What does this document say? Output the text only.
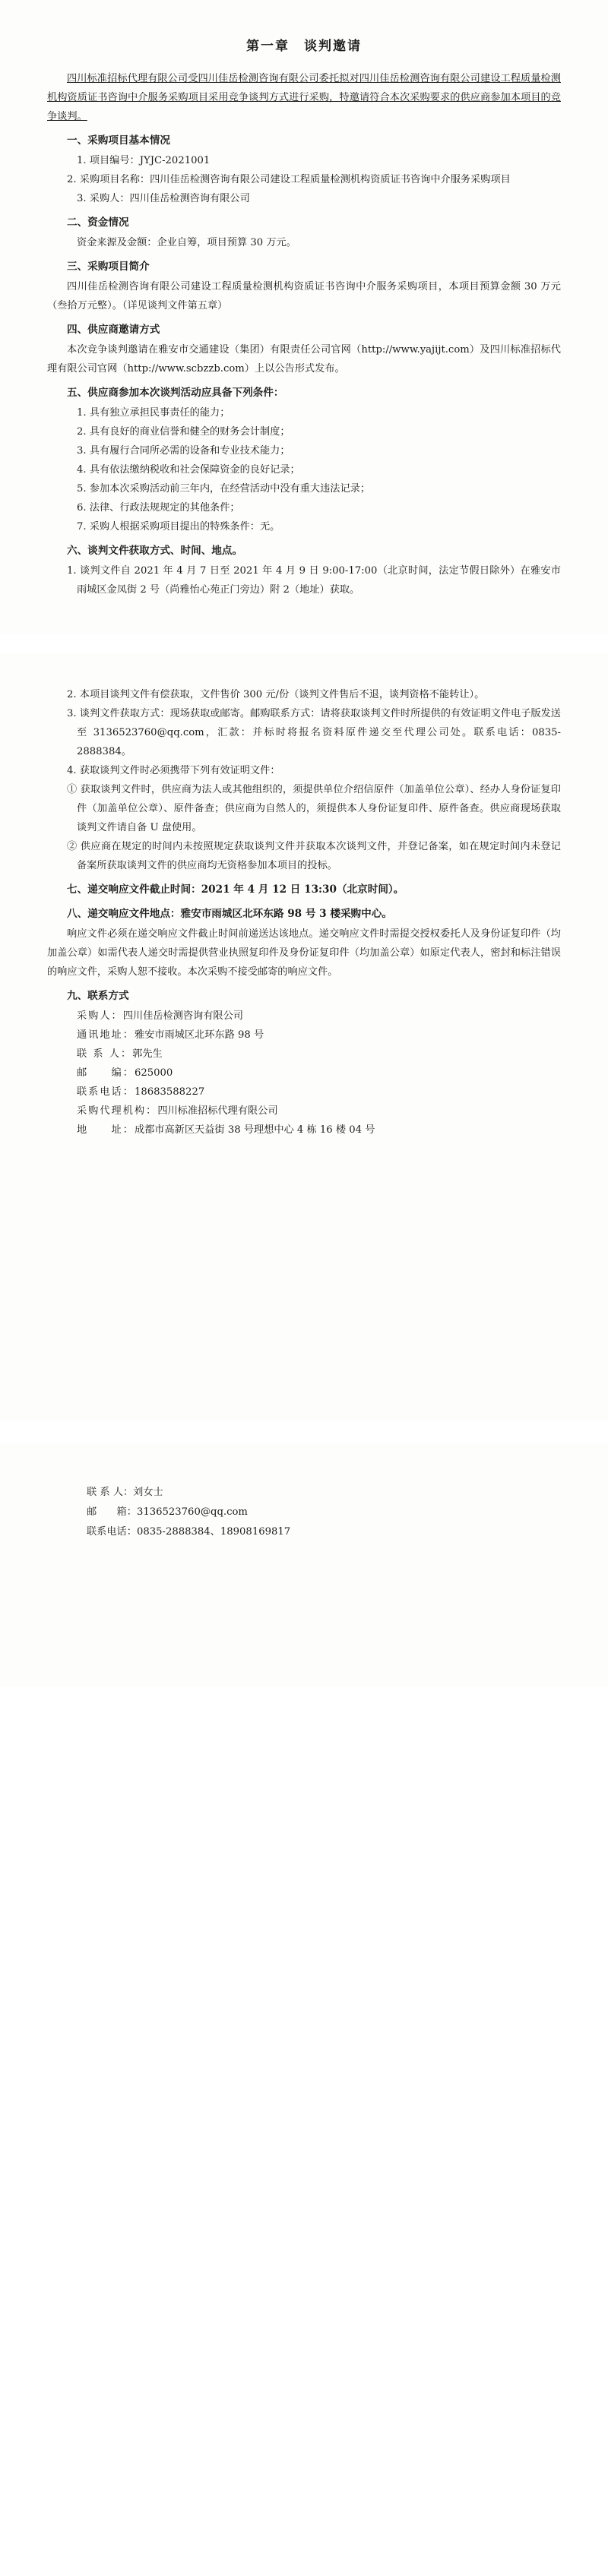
第一章　谈判邀请

四川标准招标代理有限公司受四川佳岳检测咨询有限公司委托拟对四川佳岳检测咨询有限公司建设工程质量检测机构资质证书咨询中介服务采购项目采用竞争谈判方式进行采购，特邀请符合本次采购要求的供应商参加本项目的竞争谈判。

一、采购项目基本情况

1. 项目编号：JYJC-2021001

2. 采购项目名称：四川佳岳检测咨询有限公司建设工程质量检测机构资质证书咨询中介服务采购项目

3. 采购人：四川佳岳检测咨询有限公司

二、资金情况

资金来源及金额：企业自筹，项目预算 30 万元。

三、采购项目简介

四川佳岳检测咨询有限公司建设工程质量检测机构资质证书咨询中介服务采购项目，本项目预算金额 30 万元（叁拾万元整）。（详见谈判文件第五章）

四、供应商邀请方式

本次竞争谈判邀请在雅安市交通建设（集团）有限责任公司官网（http://www.yajijt.com）及四川标准招标代理有限公司官网（http://www.scbzzb.com）上以公告形式发布。

五、供应商参加本次谈判活动应具备下列条件：

1. 具有独立承担民事责任的能力；

2. 具有良好的商业信誉和健全的财务会计制度；

3. 具有履行合同所必需的设备和专业技术能力；

4. 具有依法缴纳税收和社会保障资金的良好记录；

5. 参加本次采购活动前三年内，在经营活动中没有重大违法记录；

6. 法律、行政法规规定的其他条件；

7. 采购人根据采购项目提出的特殊条件：无。

六、谈判文件获取方式、时间、地点。

1. 谈判文件自 2021 年 4 月 7 日至 2021 年 4 月 9 日 9:00-17:00（北京时间，法定节假日除外）在雅安市雨城区金凤街 2 号（尚雅怡心苑正门旁边）附 2（地址）获取。

2. 本项目谈判文件有偿获取，文件售价 300 元/份（谈判文件售后不退，谈判资格不能转让）。

3. 谈判文件获取方式：现场获取或邮寄。邮购联系方式：请将获取谈判文件时所提供的有效证明文件电子版发送至 3136523760@qq.com，汇款：并标时将报名资料原件递交至代理公司处。联系电话：0835-2888384。

4. 获取谈判文件时必须携带下列有效证明文件：

① 获取谈判文件时，供应商为法人或其他组织的，须提供单位介绍信原件（加盖单位公章）、经办人身份证复印件（加盖单位公章）、原件备查；供应商为自然人的，须提供本人身份证复印件、原件备查。供应商现场获取谈判文件请自备 U 盘使用。

② 供应商在规定的时间内未按照规定获取谈判文件并获取本次谈判文件，并登记备案，如在规定时间内未登记备案所获取谈判文件的供应商均无资格参加本项目的投标。

七、递交响应文件截止时间：2021 年 4 月 12 日 13:30（北京时间）。
八、递交响应文件地点：雅安市雨城区北环东路 98 号 3 楼采购中心。

响应文件必须在递交响应文件截止时间前递送达该地点。递交响应文件时需提交授权委托人及身份证复印件（均加盖公章）如需代表人递交时需提供营业执照复印件及身份证复印件（均加盖公章）如原定代表人，密封和标注错误的响应文件，采购人恕不接收。本次采购不接受邮寄的响应文件。

九、联系方式

采购人：四川佳岳检测咨询有限公司

通讯地址：雅安市雨城区北环东路 98 号

联 系 人：郭先生

邮　　编：625000

联系电话：18683588227

采购代理机构：四川标准招标代理有限公司

地　　址：成都市高新区天益街 38 号理想中心 4 栋 16 楼 04 号

联 系 人：刘女士

邮　　箱：3136523760@qq.com

联系电话：0835-2888384、18908169817
